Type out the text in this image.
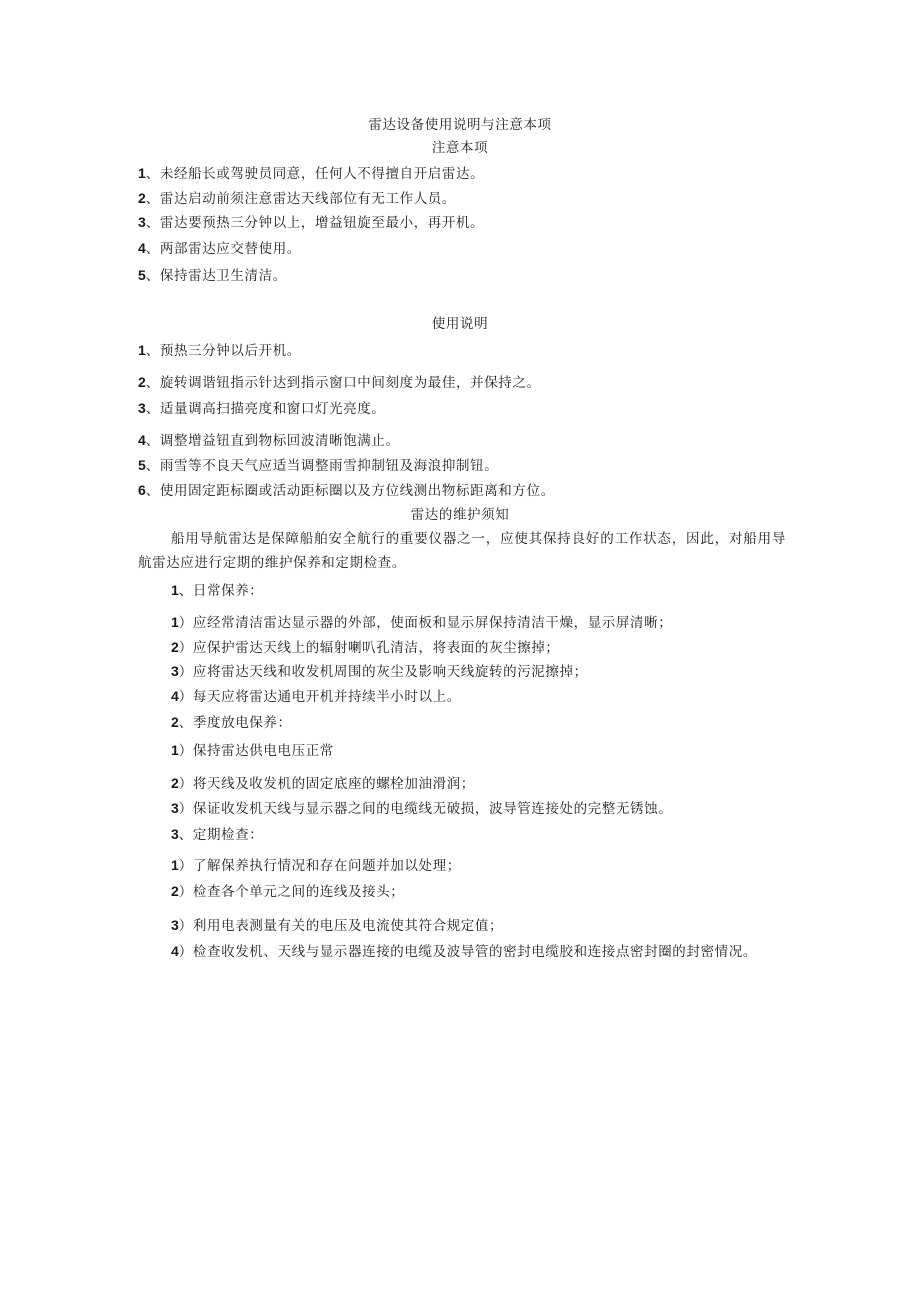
雷达设备使用说明与注意本项
注意本项
1、未经船长或驾驶员同意，任何人不得擅自开启雷达。
2、雷达启动前须注意雷达天线部位有无工作人员。
3、雷达要预热三分钟以上，增益钮旋至最小，再开机。
4、两部雷达应交替使用。
5、保持雷达卫生清洁。
使用说明
1、预热三分钟以后开机。
2、旋转调谐钮指示针达到指示窗口中间刻度为最佳，并保持之。
3、适量调高扫描亮度和窗口灯光亮度。
4、调整增益钮直到物标回波清晰饱满止。
5、雨雪等不良天气应适当调整雨雪抑制钮及海浪抑制钮。
6、使用固定距标圈或活动距标圈以及方位线测出物标距离和方位。
雷达的维护须知
船用导航雷达是保障船舶安全航行的重要仪器之一，应使其保持良好的工作状态，因此，对船用导航雷达应进行定期的维护保养和定期检查。
1、日常保养：
1）应经常清洁雷达显示器的外部，使面板和显示屏保持清洁干燥，显示屏清晰；
2）应保护雷达天线上的辐射喇叭孔清洁，将表面的灰尘擦掉；
3）应将雷达天线和收发机周围的灰尘及影响天线旋转的污泥擦掉；
4）每天应将雷达通电开机并持续半小时以上。
2、季度放电保养：
1）保持雷达供电电压正常
2）将天线及收发机的固定底座的螺栓加油滑润；
3）保证收发机天线与显示器之间的电缆线无破损，波导管连接处的完整无锈蚀。
3、定期检查：
1）了解保养执行情况和存在问题并加以处理；
2）检查各个单元之间的连线及接头；
3）利用电表测量有关的电压及电流使其符合规定值；
4）检查收发机、天线与显示器连接的电缆及波导管的密封电缆胶和连接点密封圈的封密情况。
